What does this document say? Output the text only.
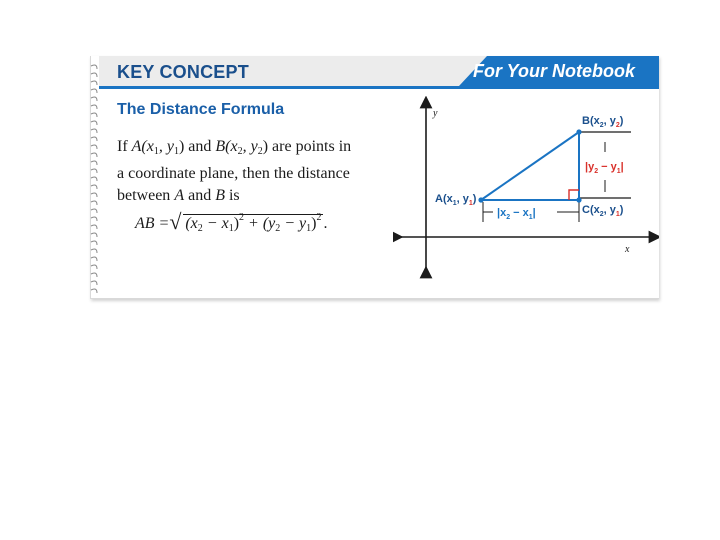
KEY CONCEPT	For Your Notebook
The Distance Formula
If $A(x_1$, $y_1$) and $B(x_2$, $y_2$) are points in
a coordinate plane, then the distance
between A and B is
AB = √ $(x_2 - x_1)^2 + (y_2 - y_1)^2$ .
y
x
$A(x_1$, $y_1$)
$B(x_2$, $y_2$)
$C(x_2$, $y_1$)
$|x_2 - x_1|$
$|y_2 - y_1|$
